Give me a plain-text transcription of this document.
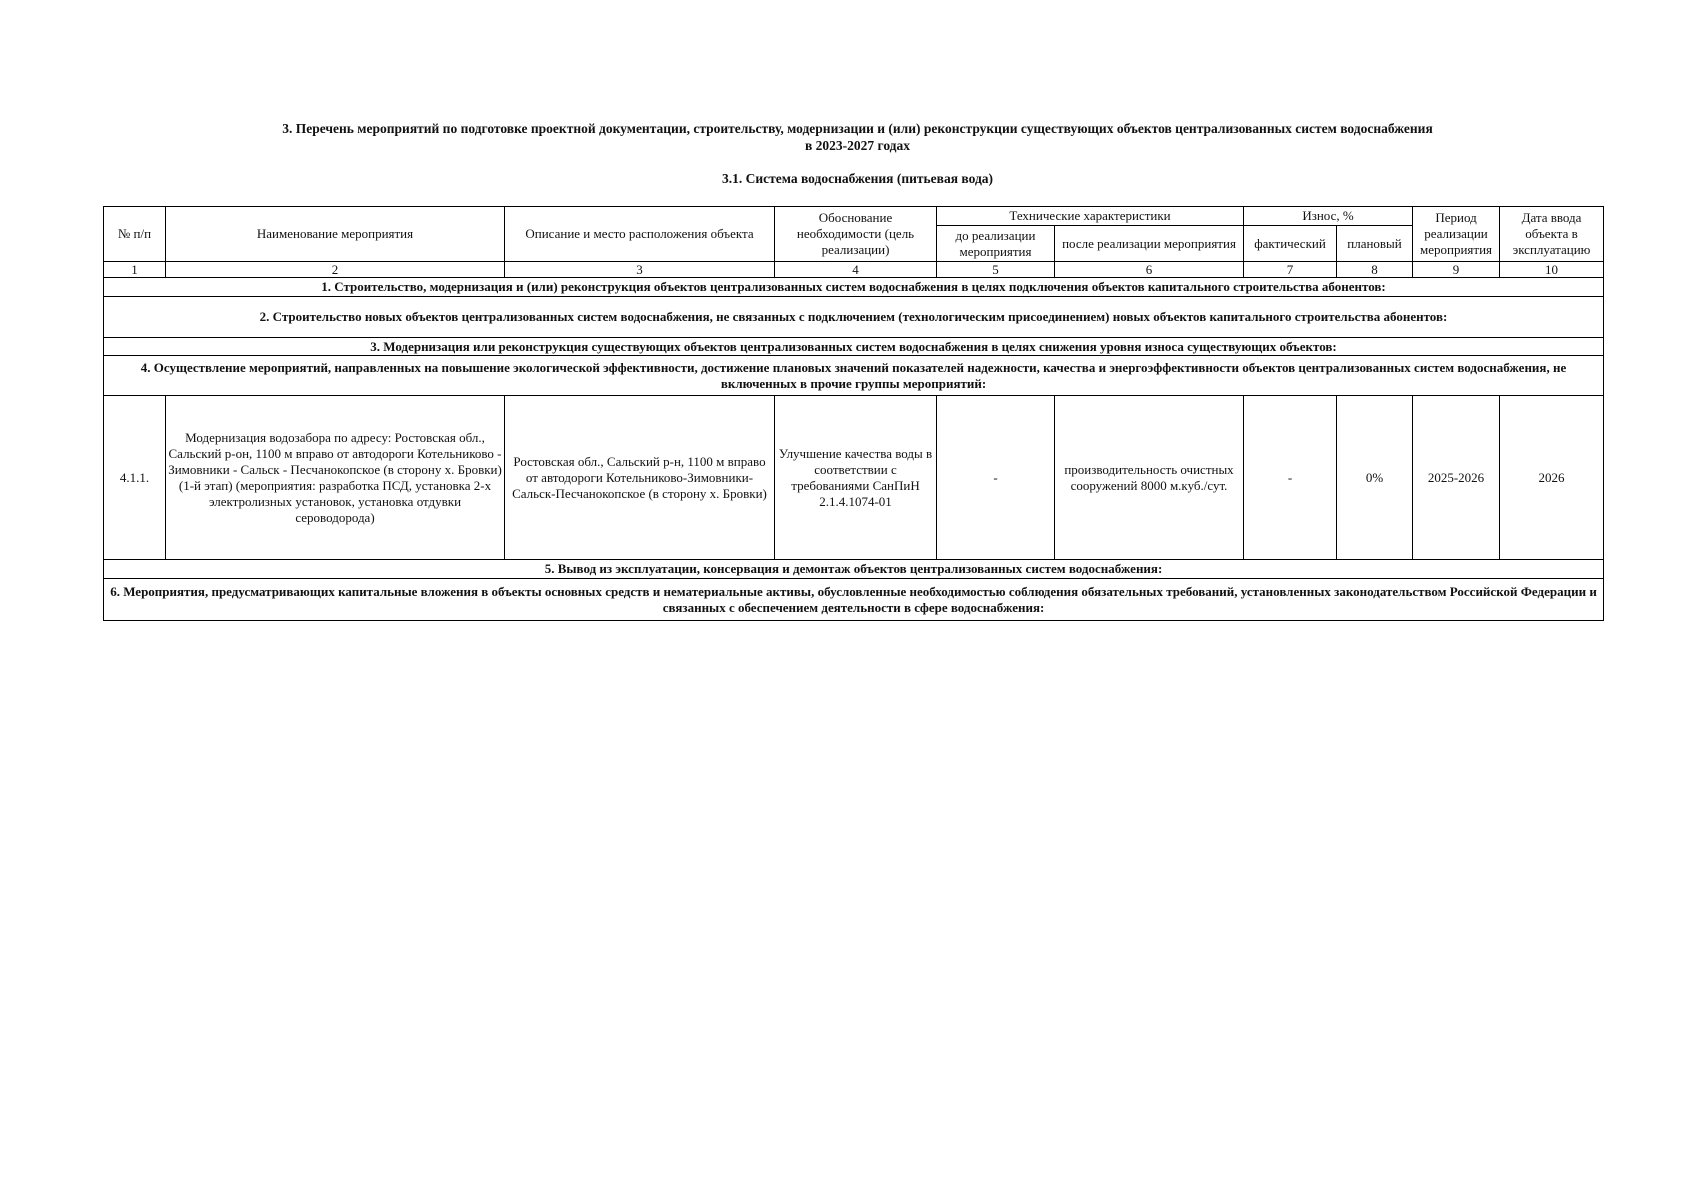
3. Перечень мероприятий по подготовке проектной документации, строительству, модернизации и (или) реконструкции существующих объектов централизованных систем водоснабжения
в 2023-2027 годах
3.1. Система водоснабжения (питьевая вода)
№ п/п	Наименование мероприятия	Описание и место расположения объекта	Обоснование необходимости (цель реализации)	Технические характеристики		Износ, %		Период реализации мероприятия	Дата ввода объекта в эксплуатацию
				до реализации мероприятия	после реализации мероприятия	фактический	плановый		
1	2	3	4	5	6	7	8	9	10
1. Строительство, модернизация и (или) реконструкция объектов централизованных систем водоснабжения в целях подключения объектов капитального строительства абонентов:									
2. Строительство новых объектов централизованных систем водоснабжения, не связанных с подключением (технологическим присоединением) новых объектов капитального строительства абонентов:									
3. Модернизация или реконструкция существующих объектов централизованных систем водоснабжения в целях снижения уровня износа существующих объектов:									
4. Осуществление мероприятий, направленных на повышение экологической эффективности, достижение плановых значений показателей надежности, качества и энергоэффективности объектов централизованных систем водоснабжения, не включенных в прочие группы мероприятий:									
4.1.1.	Модернизация водозабора по адресу: Ростовская обл., Сальский р-он, 1100 м вправо от автодороги Котельниково - Зимовники - Сальск - Песчанокопское (в сторону х. Бровки) (1-й этап) (мероприятия: разработка ПСД, установка 2-х электролизных установок, установка отдувки сероводорода)	Ростовская обл., Сальский р-н, 1100 м вправо от автодороги Котельниково-Зимовники-Сальск-Песчанокопское (в сторону х. Бровки)	Улучшение качества воды в соответствии с требованиями СанПиН 2.1.4.1074-01	-	производительность очистных сооружений 8000 м.куб./сут.	-	0%	2025-2026	2026
5. Вывод из эксплуатации, консервация и демонтаж объектов централизованных систем водоснабжения:									
6. Мероприятия, предусматривающих капитальные вложения в объекты основных средств и нематериальные активы, обусловленные необходимостью соблюдения обязательных требований, установленных законодательством Российской Федерации и связанных с обеспечением деятельности в сфере водоснабжения:									
